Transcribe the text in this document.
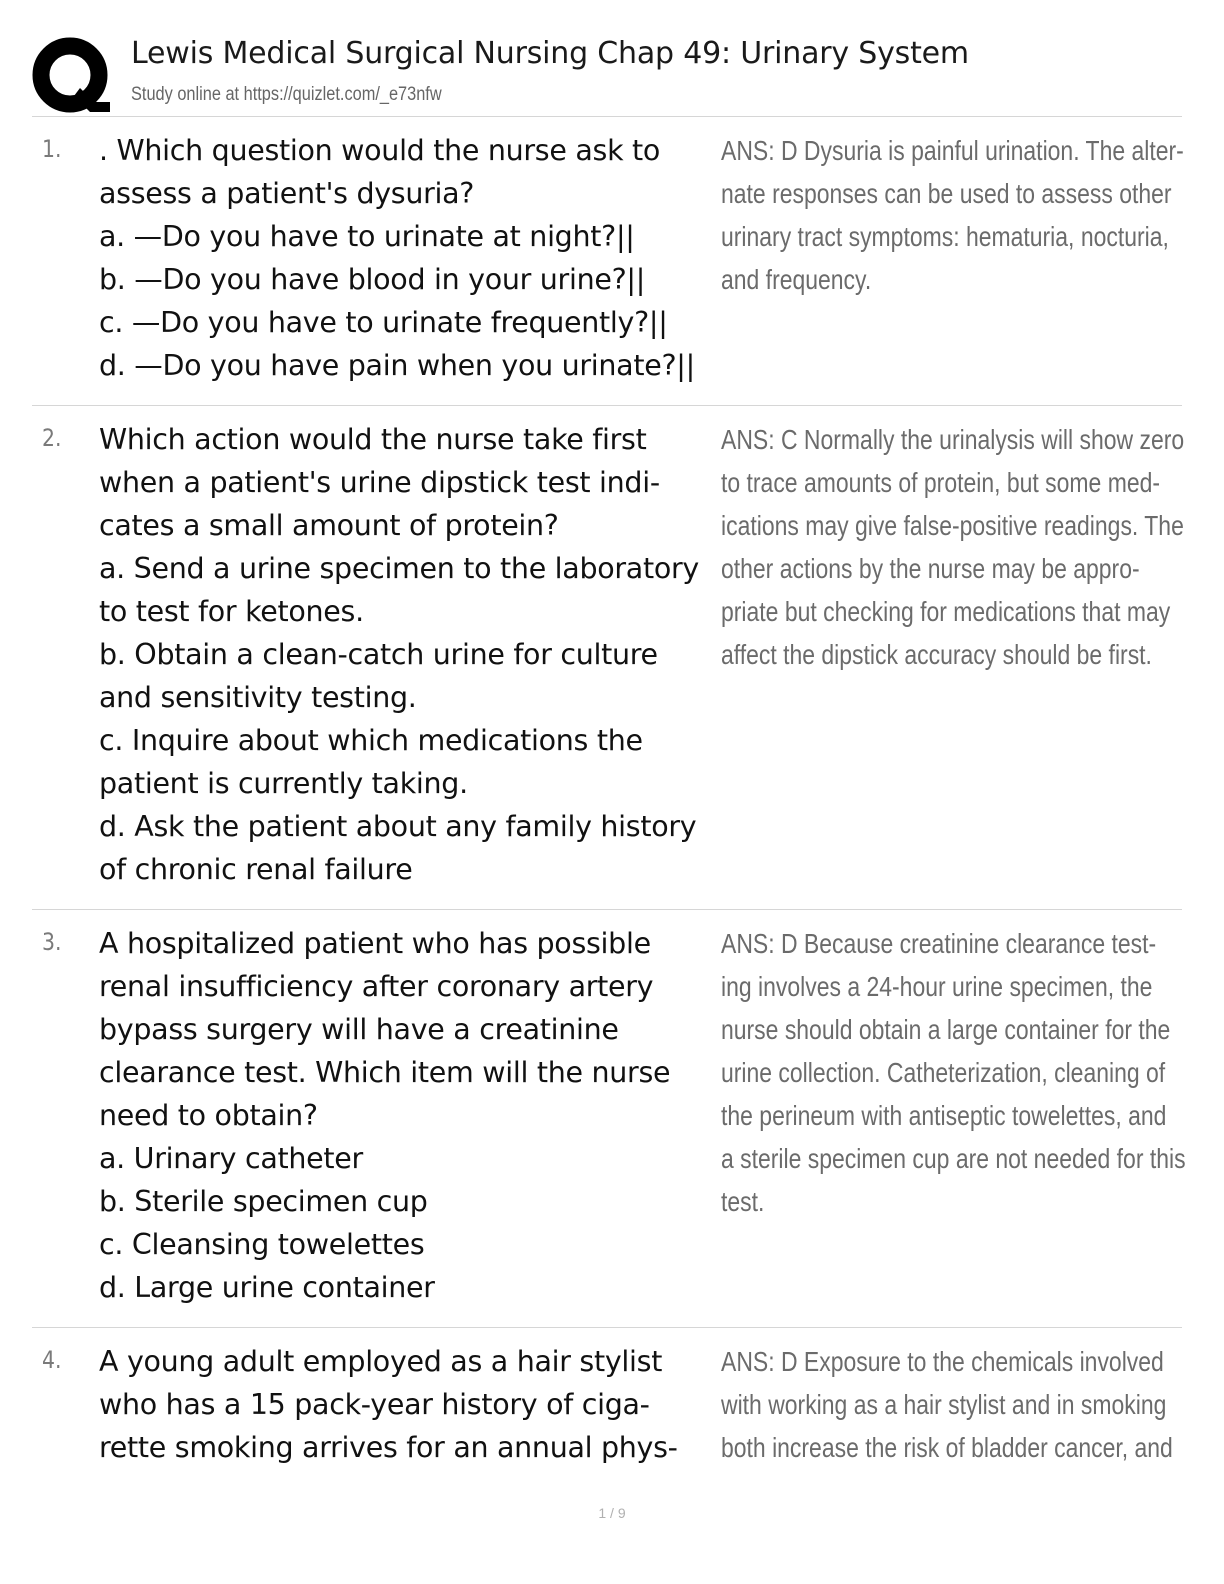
Lewis Medical Surgical Nursing Chap 49: Urinary System
Study online at https://quizlet.com/_e73nfw
1. . Which question would the nurse ask to
assess a patient's dysuria?
a. —Do you have to urinate at night?||
b. —Do you have blood in your urine?||
c. —Do you have to urinate frequently?||
d. —Do you have pain when you urinate?||
ANS: D Dysuria is painful urination. The alter-
nate responses can be used to assess other
urinary tract symptoms: hematuria, nocturia,
and frequency.
2. Which action would the nurse take first
when a patient's urine dipstick test indi-
cates a small amount of protein?
a. Send a urine specimen to the laboratory
to test for ketones.
b. Obtain a clean-catch urine for culture
and sensitivity testing.
c. Inquire about which medications the
patient is currently taking.
d. Ask the patient about any family history
of chronic renal failure
ANS: C Normally the urinalysis will show zero
to trace amounts of protein, but some med-
ications may give false-positive readings. The
other actions by the nurse may be appro-
priate but checking for medications that may
affect the dipstick accuracy should be first.
3. A hospitalized patient who has possible
renal insufficiency after coronary artery
bypass surgery will have a creatinine
clearance test. Which item will the nurse
need to obtain?
a. Urinary catheter
b. Sterile specimen cup
c. Cleansing towelettes
d. Large urine container
ANS: D Because creatinine clearance test-
ing involves a 24-hour urine specimen, the
nurse should obtain a large container for the
urine collection. Catheterization, cleaning of
the perineum with antiseptic towelettes, and
a sterile specimen cup are not needed for this
test.
4. A young adult employed as a hair stylist
who has a 15 pack-year history of ciga-
rette smoking arrives for an annual phys-
ANS: D Exposure to the chemicals involved
with working as a hair stylist and in smoking
both increase the risk of bladder cancer, and
1 / 9
